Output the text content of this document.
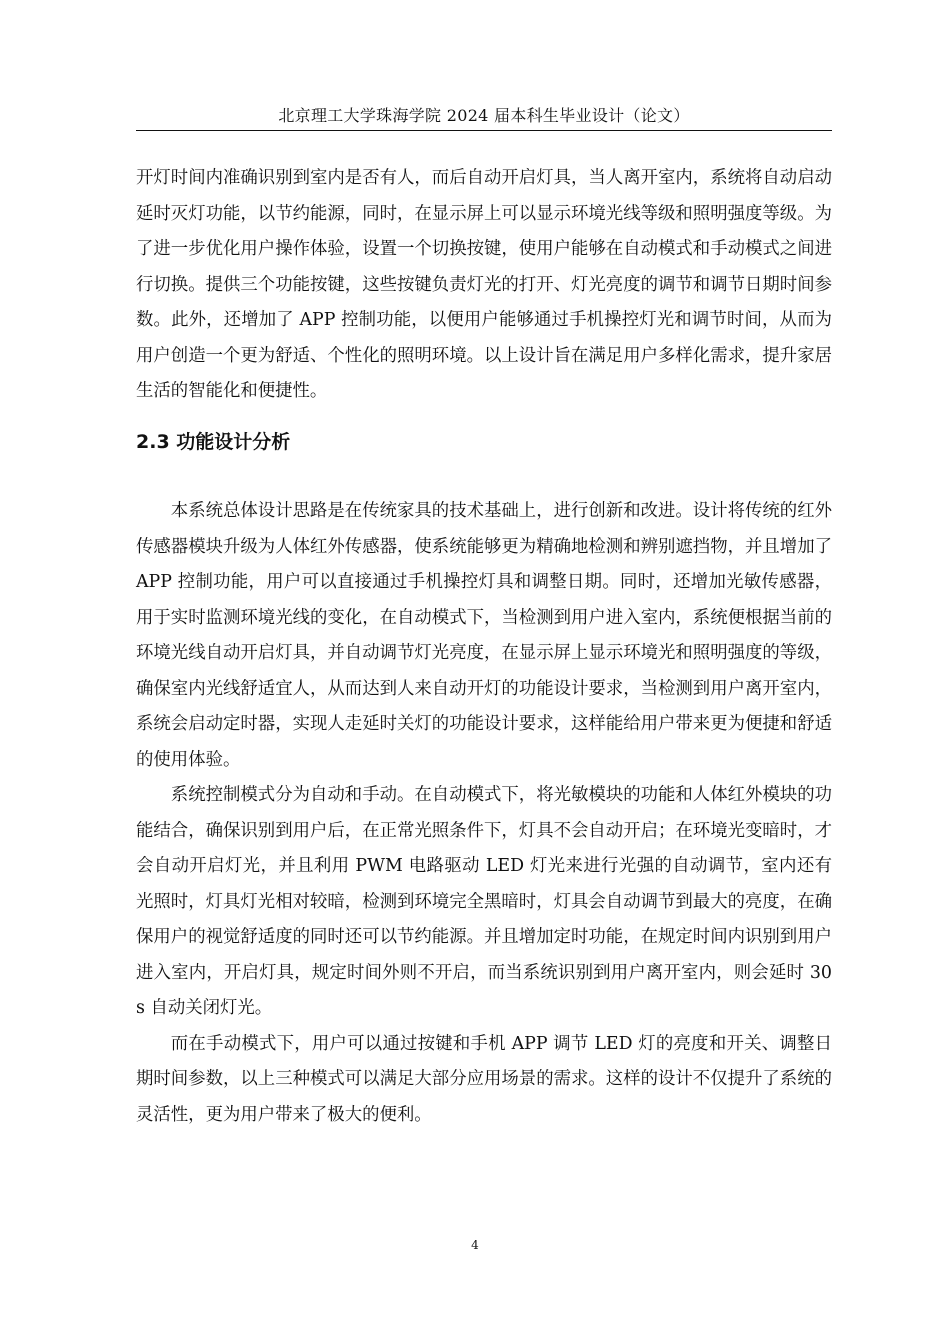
北京理工大学珠海学院 2024 届本科生毕业设计（论文）

开灯时间内准确识别到室内是否有人，而后自动开启灯具，当人离开室内，系统将自动启动延时灭灯功能，以节约能源，同时，在显示屏上可以显示环境光线等级和照明强度等级。为了进一步优化用户操作体验，设置一个切换按键，使用户能够在自动模式和手动模式之间进行切换。提供三个功能按键，这些按键负责灯光的打开、灯光亮度的调节和调节日期时间参数。此外，还增加了 APP 控制功能，以便用户能够通过手机操控灯光和调节时间，从而为用户创造一个更为舒适、个性化的照明环境。以上设计旨在满足用户多样化需求，提升家居生活的智能化和便捷性。

2.3 功能设计分析

本系统总体设计思路是在传统家具的技术基础上，进行创新和改进。设计将传统的红外传感器模块升级为人体红外传感器，使系统能够更为精确地检测和辨别遮挡物，并且增加了 APP 控制功能，用户可以直接通过手机操控灯具和调整日期。同时，还增加光敏传感器，用于实时监测环境光线的变化，在自动模式下，当检测到用户进入室内，系统便根据当前的环境光线自动开启灯具，并自动调节灯光亮度，在显示屏上显示环境光和照明强度的等级，确保室内光线舒适宜人，从而达到人来自动开灯的功能设计要求，当检测到用户离开室内，系统会启动定时器，实现人走延时关灯的功能设计要求，这样能给用户带来更为便捷和舒适的使用体验。

系统控制模式分为自动和手动。在自动模式下，将光敏模块的功能和人体红外模块的功能结合，确保识别到用户后，在正常光照条件下，灯具不会自动开启；在环境光变暗时，才会自动开启灯光，并且利用 PWM 电路驱动 LED 灯光来进行光强的自动调节，室内还有光照时，灯具灯光相对较暗，检测到环境完全黑暗时，灯具会自动调节到最大的亮度，在确保用户的视觉舒适度的同时还可以节约能源。并且增加定时功能，在规定时间内识别到用户进入室内，开启灯具，规定时间外则不开启，而当系统识别到用户离开室内，则会延时 30s 自动关闭灯光。

而在手动模式下，用户可以通过按键和手机 APP 调节 LED 灯的亮度和开关、调整日期时间参数，以上三种模式可以满足大部分应用场景的需求。这样的设计不仅提升了系统的灵活性，更为用户带来了极大的便利。

4
